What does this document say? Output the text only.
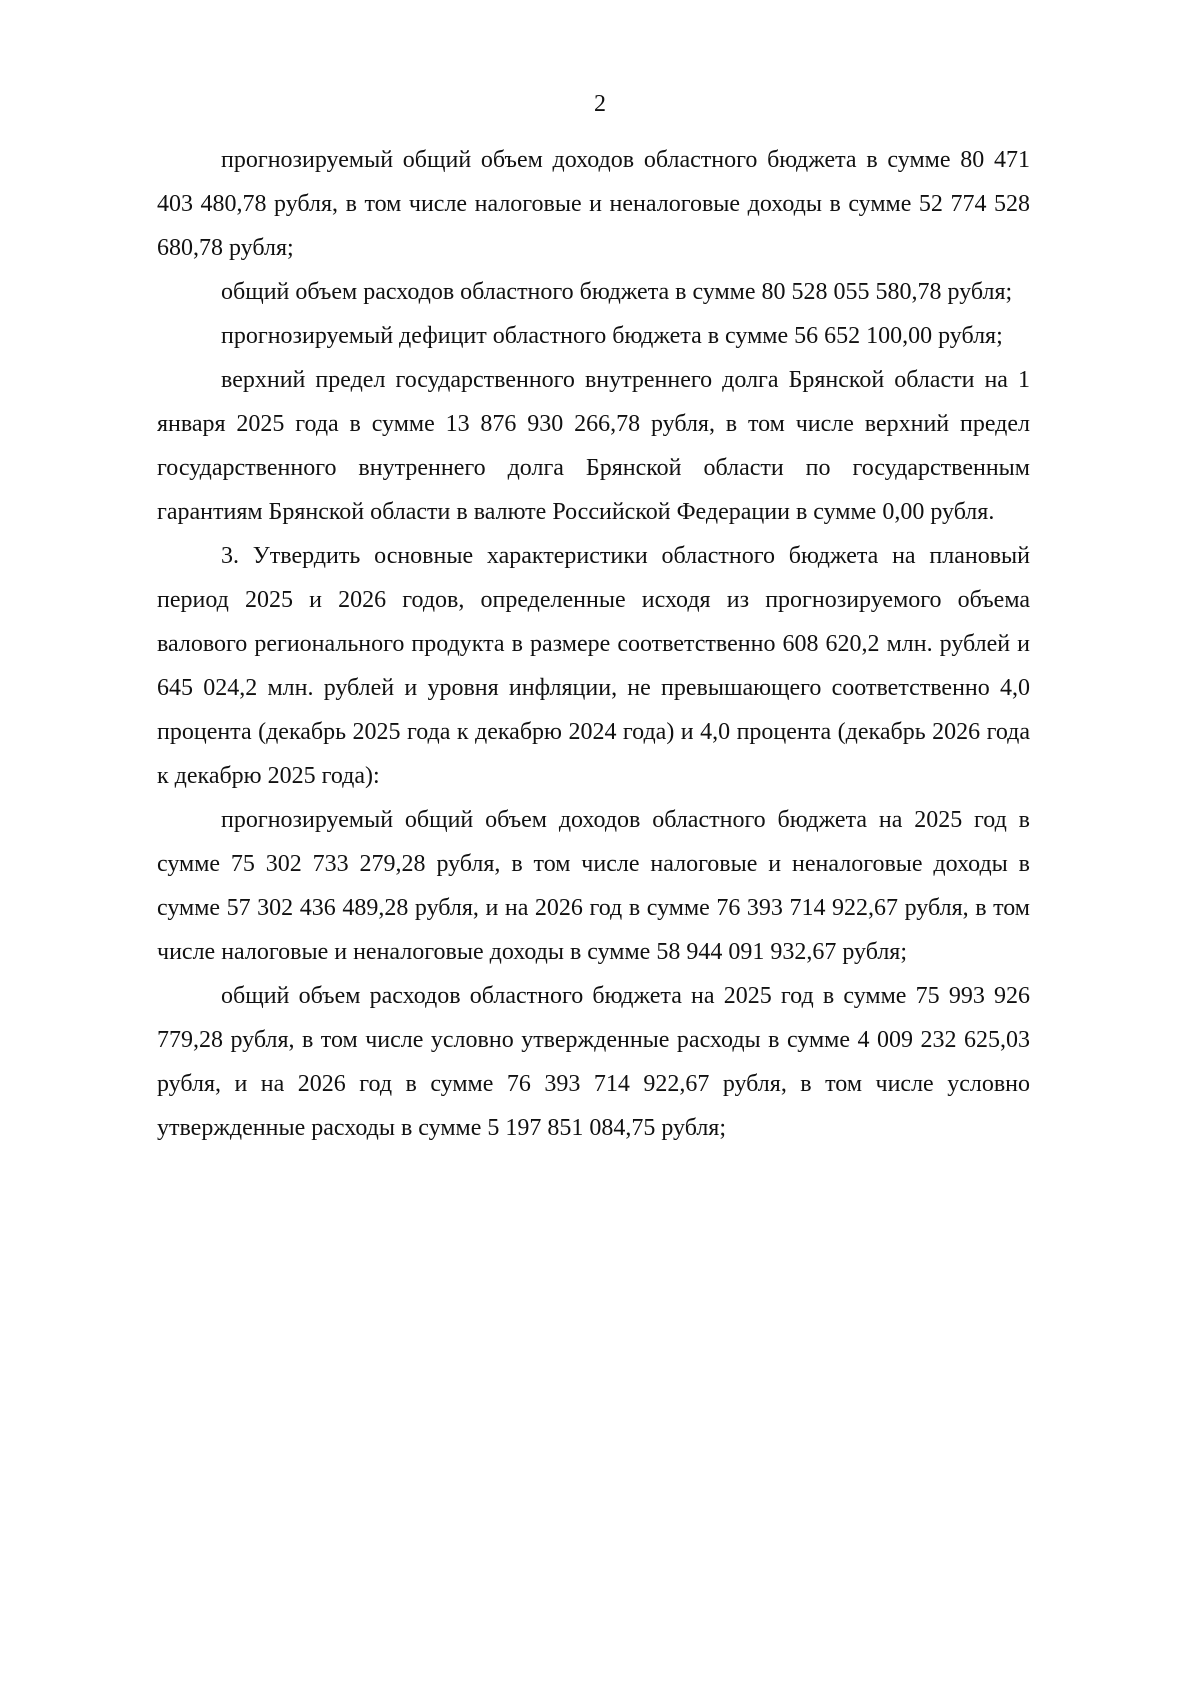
2

прогнозируемый общий объем доходов областного бюджета в сумме 80 471 403 480,78 рубля, в том числе налоговые и неналоговые доходы в сумме 52 774 528 680,78 рубля;

общий объем расходов областного бюджета в сумме 80 528 055 580,78 рубля;

прогнозируемый дефицит областного бюджета в сумме 56 652 100,00 рубля;

верхний предел государственного внутреннего долга Брянской области на 1 января 2025 года в сумме 13 876 930 266,78 рубля, в том числе верхний предел государственного внутреннего долга Брянской области по государственным гарантиям Брянской области в валюте Российской Федерации в сумме 0,00 рубля.

3. Утвердить основные характеристики областного бюджета на плановый период 2025 и 2026 годов, определенные исходя из прогнозируемого объема валового регионального продукта в размере соответственно 608 620,2 млн. рублей и 645 024,2 млн. рублей и уровня инфляции, не превышающего соответственно 4,0 процента (декабрь 2025 года к декабрю 2024 года) и 4,0 процента (декабрь 2026 года к декабрю 2025 года):

прогнозируемый общий объем доходов областного бюджета на 2025 год в сумме 75 302 733 279,28 рубля, в том числе налоговые и неналоговые доходы в сумме 57 302 436 489,28 рубля, и на 2026 год в сумме 76 393 714 922,67 рубля, в том числе налоговые и неналоговые доходы в сумме 58 944 091 932,67 рубля;

общий объем расходов областного бюджета на 2025 год в сумме 75 993 926 779,28 рубля, в том числе условно утвержденные расходы в сумме 4 009 232 625,03 рубля, и на 2026 год в сумме 76 393 714 922,67 рубля, в том числе условно утвержденные расходы в сумме 5 197 851 084,75 рубля;
